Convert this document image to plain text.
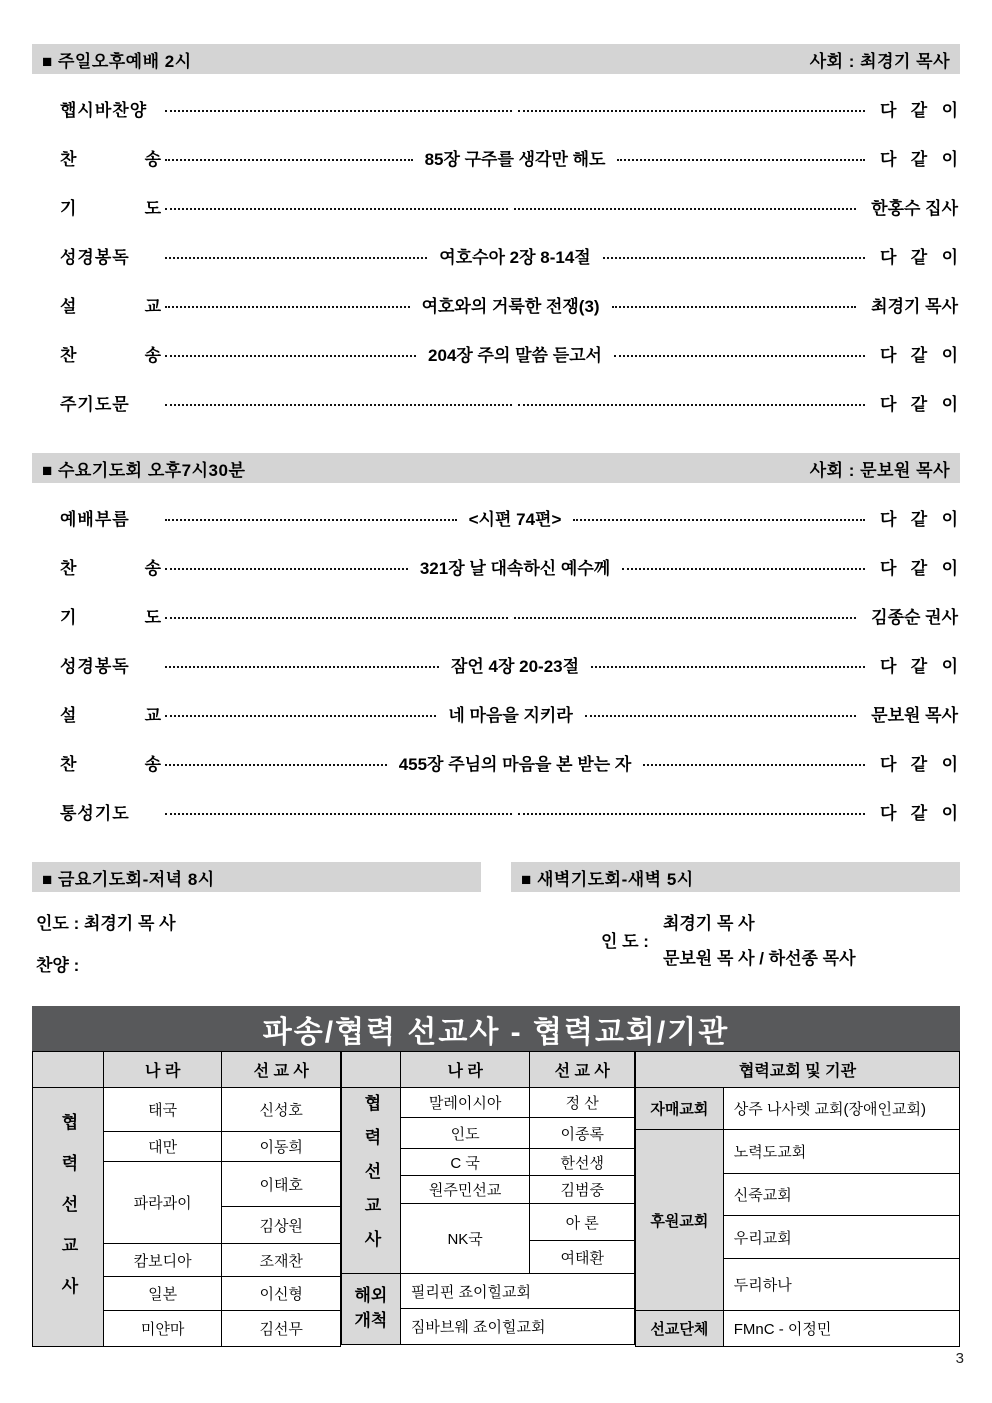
■ 주일오후예배 2시	사회 : 최경기 목사
햅시바찬양	다 같 이
찬 송	85장 구주를 생각만 해도	다 같 이
기 도	한홍수 집사
성경봉독	여호수아 2장 8-14절	다 같 이
설 교	여호와의 거룩한 전쟁(3)	최경기 목사
찬 송	204장 주의 말씀 듣고서	다 같 이
주기도문	다 같 이
■ 수요기도회 오후7시30분	사회 : 문보원 목사
예배부름	<시편 74편>	다 같 이
찬 송	321장 날 대속하신 예수께	다 같 이
기 도	김종순 권사
성경봉독	잠언 4장 20-23절	다 같 이
설 교	네 마음을 지키라	문보원 목사
찬 송	455장 주님의 마음을 본 받는 자	다 같 이
통성기도	다 같 이
■ 금요기도회-저녁 8시
인도 : 최경기 목 사
찬양 :
■ 새벽기도회-새벽 5시
인 도 :
최경기 목 사
문보원 목 사 / 하선종 목사
파송/협력 선교사 - 협력교회/기관
	나 라	선 교 사
협력선교사	태국	신성호
	대만	이동희
	파라과이	이태호
		김상원
	캄보디아	조재찬
	일본	이신형
	미얀마	김선무
	나 라	선 교 사
협력선교사	말레이시아	정 산
	인도	이종록
	C 국	한선생
	원주민선교	김범중
	NK국	아 론
		여태환
해외개척	필리핀 죠이힐교회	
	짐바브웨 죠이힐교회	
협력교회 및 기관	
자매교회	상주 나사렛 교회(장애인교회)
후원교회	노력도교회
	신죽교회
	우리교회
	두리하나
선교단체	FMnC - 이정민
3
